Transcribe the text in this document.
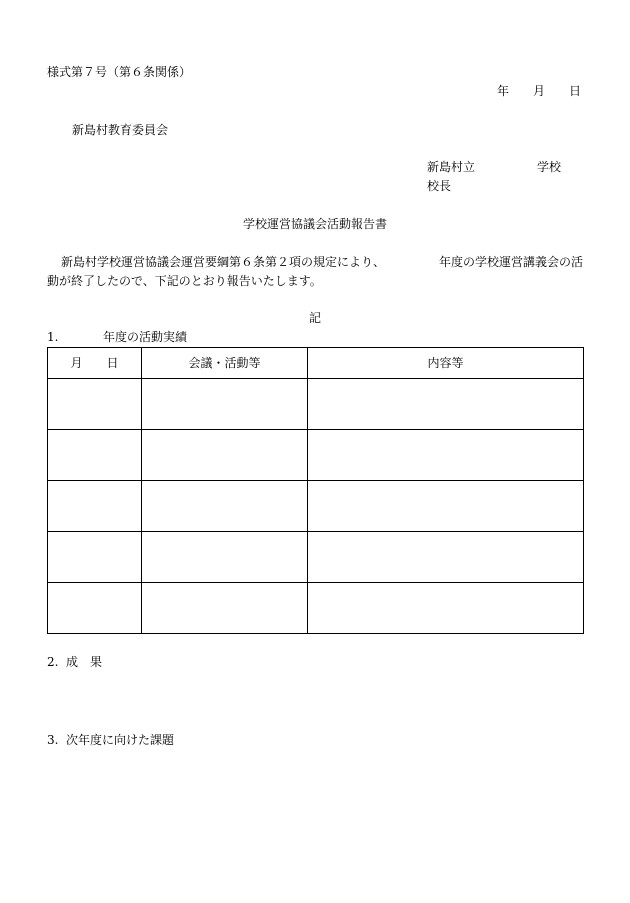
様式第７号（第６条関係）
年　　月　　日
新島村教育委員会
新島村立	学校
校長
学校運営協議会活動報告書
新島村学校運営協議会運営要綱第６条第２項の規定により、	年度の学校運営講義会の活
動が終了したので、下記のとおり報告いたします。
記
1.	年度の活動実績
月　　日	会議・活動等	内容等

2. 成　果
3. 次年度に向けた課題
